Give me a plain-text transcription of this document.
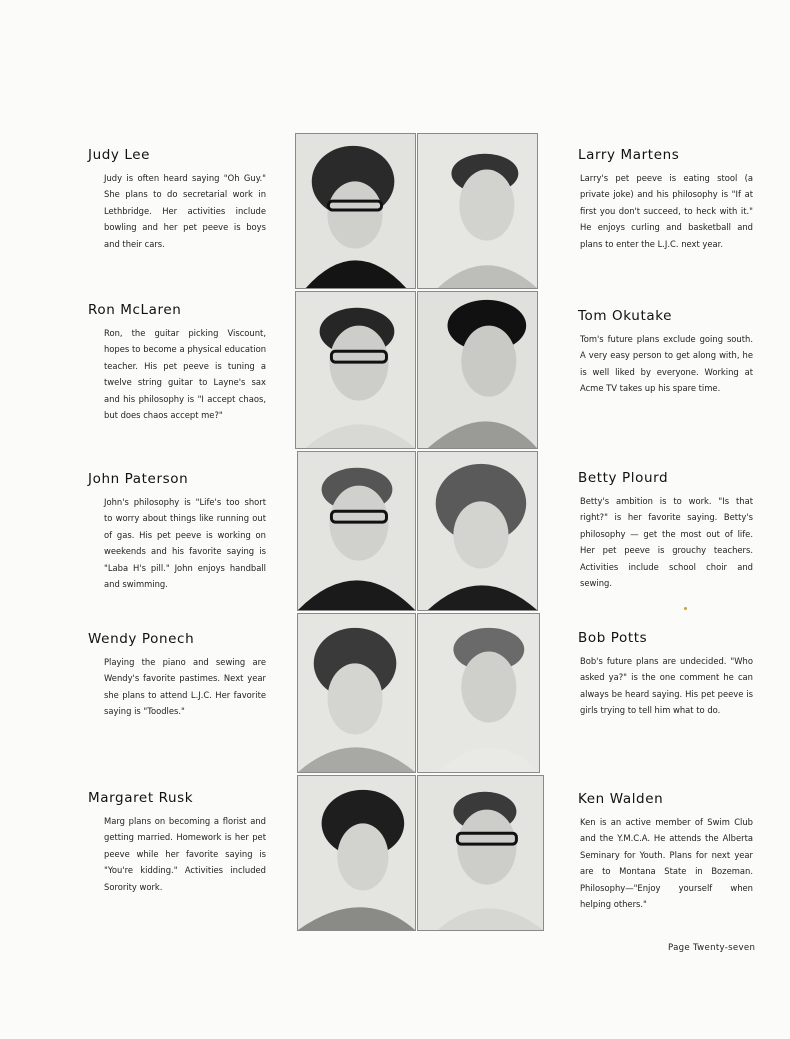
Judy Lee

Judy is often heard saying "Oh Guy." She plans to do secretarial work in Lethbridge. Her activities include bowling and her pet peeve is boys and their cars.

Larry Martens

Larry's pet peeve is eating stool (a private joke) and his philosophy is "If at first you don't succeed, to heck with it." He enjoys curling and basketball and plans to enter the L.J.C. next year.

Ron McLaren

Ron, the guitar picking Viscount, hopes to become a physical education teacher. His pet peeve is tuning a twelve string guitar to Layne's sax and his philosophy is "I accept chaos, but does chaos accept me?"

Tom Okutake

Tom's future plans exclude going south. A very easy person to get along with, he is well liked by everyone. Working at Acme TV takes up his spare time.

John Paterson

John's philosophy is "Life's too short to worry about things like running out of gas. His pet peeve is working on weekends and his favorite saying is "Laba H's pill." John enjoys handball and swimming.

Betty Plourd

Betty's ambition is to work. "Is that right?" is her favorite saying. Betty's philosophy — get the most out of life. Her pet peeve is grouchy teachers. Activities include school choir and sewing.

Wendy Ponech

Playing the piano and sewing are Wendy's favorite pastimes. Next year she plans to attend L.J.C. Her favorite saying is "Toodles."

Bob Potts

Bob's future plans are undecided. "Who asked ya?" is the one comment he can always be heard saying. His pet peeve is girls trying to tell him what to do.

Margaret Rusk

Marg plans on becoming a florist and getting married. Homework is her pet peeve while her favorite saying is "You're kidding." Activities included Sorority work.

Ken Walden

Ken is an active member of Swim Club and the Y.M.C.A. He attends the Alberta Seminary for Youth. Plans for next year are to Montana State in Bozeman. Philosophy—"Enjoy yourself when helping others."

Page Twenty-seven
